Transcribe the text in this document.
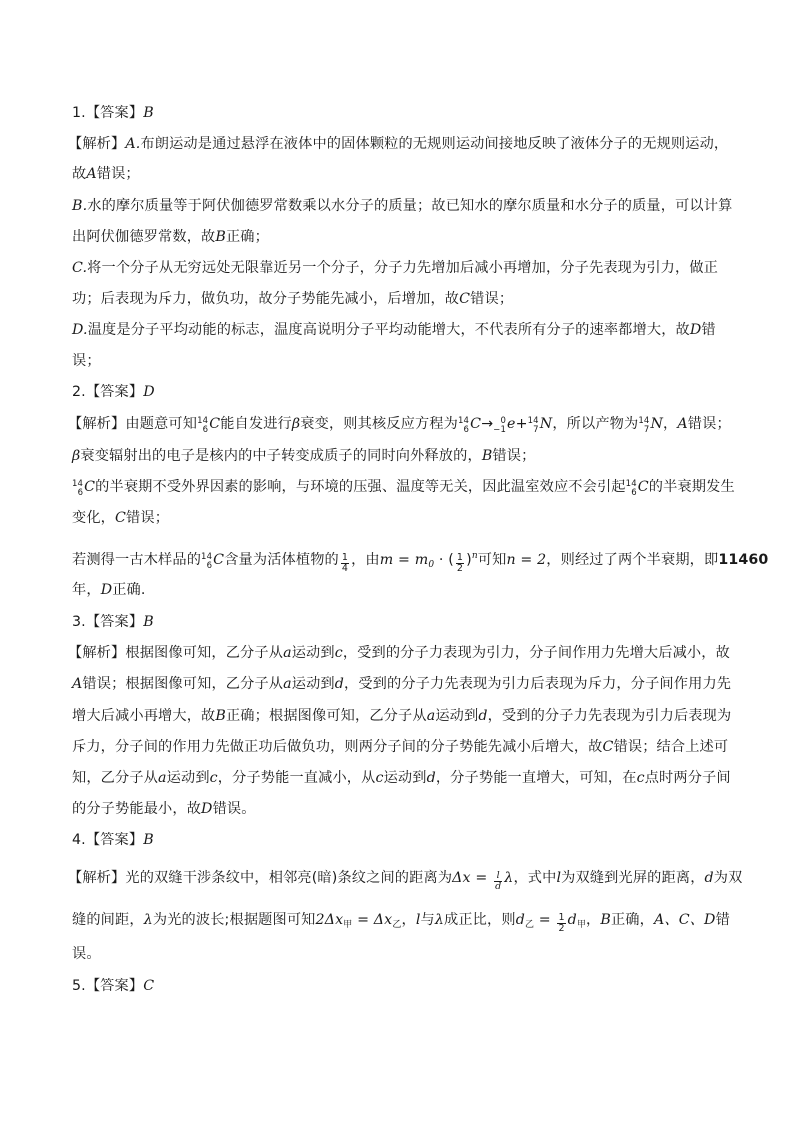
1.【答案】B
【解析】A.布朗运动是通过悬浮在液体中的固体颗粒的无规则运动间接地反映了液体分子的无规则运动，
故A错误；
B.水的摩尔质量等于阿伏伽德罗常数乘以水分子的质量；故已知水的摩尔质量和水分子的质量，可以计算
出阿伏伽德罗常数，故B正确；
C.将一个分子从无穷远处无限靠近另一个分子，分子力先增加后减小再增加，分子先表现为引力，做正
功；后表现为斥力，做负功，故分子势能先减小，后增加，故C错误；
D.温度是分子平均动能的标志，温度高说明分子平均动能增大，不代表所有分子的速率都增大，故D错
误；
2.【答案】D
【解析】由题意可知14
6C能自发进行β衰变，则其核反应方程为14
6C→ 0
−1e+14
7N，所以产物为14
7N，A错误；
β衰变辐射出的电子是核内的中子转变成质子的同时向外释放的，B错误；
14
6C的半衰期不受外界因素的影响，与环境的压强、温度等无关，因此温室效应不会引起14
6C的半衰期发生
变化，C错误；
若测得一古木样品的14
6C含量为活体植物的 $\frac{1}{4}$ ，由$m = m_0$ · ( $\frac{1}{2} )^n$可知n = 2，则经过了两个半衰期，即11460
年，D正确.
3.【答案】B
【解析】根据图像可知，乙分子从a运动到c，受到的分子力表现为引力，分子间作用力先增大后减小，故
A错误；根据图像可知，乙分子从a运动到d，受到的分子力先表现为引力后表现为斥力，分子间作用力先
增大后减小再增大，故B正确；根据图像可知，乙分子从a运动到d，受到的分子力先表现为引力后表现为
斥力，分子间的作用力先做正功后做负功，则两分子间的分子势能先减小后增大，故C错误；结合上述可
知，乙分子从a运动到c，分子势能一直减小，从c运动到d，分子势能一直增大，可知，在c点时两分子间
的分子势能最小，故D错误。
4.【答案】B
【解析】光的双缝干涉条纹中，相邻亮(暗)条纹之间的距离为$\Delta x = \frac{l}{d}$ λ，式中l为双缝到光屏的距离，d为双
缝的间距，λ为光的波长;根据题图可知$2\Delta x_甲 = \Delta x_乙$，l与λ成正比，则$d_乙 = \frac{1}{2} d_甲$，B正确，A、C、D错
误。
5.【答案】C
